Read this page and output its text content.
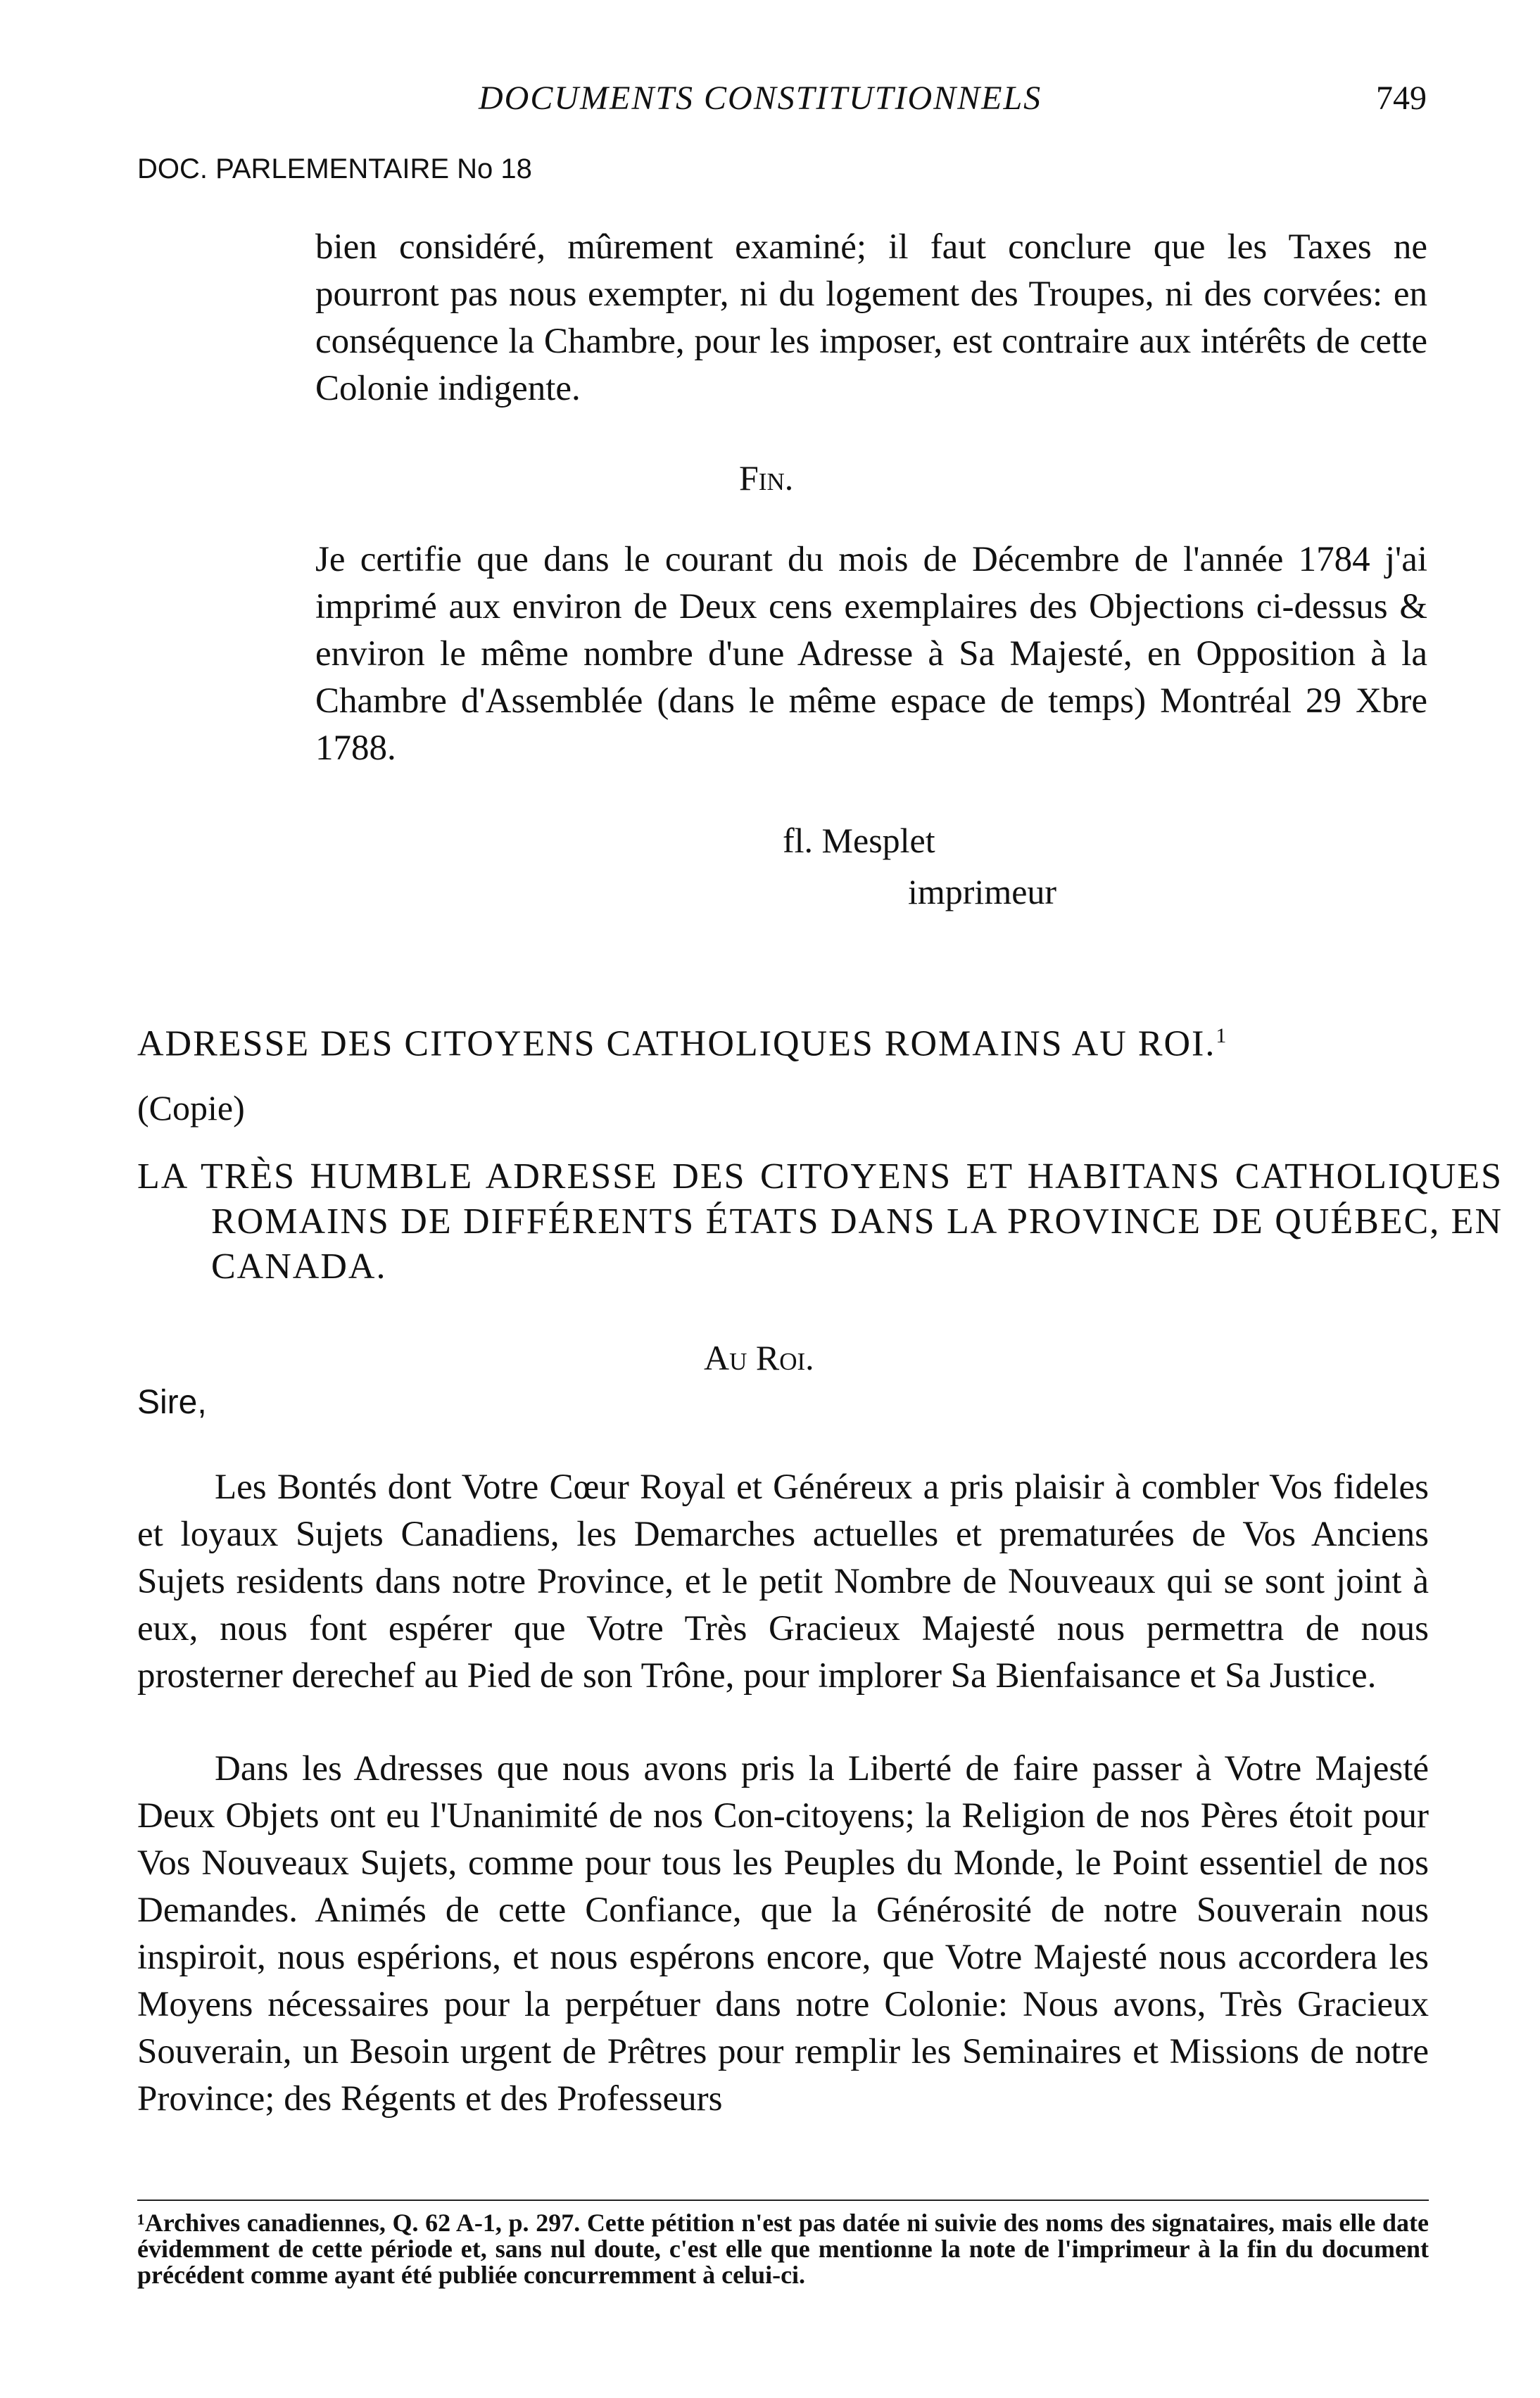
DOCUMENTS CONSTITUTIONNELS	749
DOC. PARLEMENTAIRE No 18

bien considéré, mûrement examiné; il faut conclure que les Taxes ne pourront pas nous exempter, ni du logement des Troupes, ni des corvées: en conséquence la Chambre, pour les imposer, est contraire aux intérêts de cette Colonie indigente.

Fin.

Je certifie que dans le courant du mois de Décembre de l'année 1784 j'ai imprimé aux environ de Deux cens exemplaires des Objections ci-dessus & environ le même nombre d'une Adresse à Sa Majesté, en Opposition à la Chambre d'Assemblée (dans le même espace de temps) Montréal 29 Xbre 1788.

fl. Mesplet
imprimeur
ADRESSE DES CITOYENS CATHOLIQUES ROMAINS AU ROI.$^1$
(Copie)

LA TRÈS HUMBLE ADRESSE DES CITOYENS ET HABITANS CATHOLIQUES ROMAINS DE DIFFÉRENTS ÉTATS DANS LA PROVINCE DE QUÉBEC, EN CANADA.

Au Roi.
Sire,

Les Bontés dont Votre Cœur Royal et Généreux a pris plaisir à combler Vos fideles et loyaux Sujets Canadiens, les Demarches actuelles et prematurées de Vos Anciens Sujets residents dans notre Province, et le petit Nombre de Nouveaux qui se sont joint à eux, nous font espérer que Votre Très Gracieux Majesté nous permettra de nous prosterner derechef au Pied de son Trône, pour implorer Sa Bienfaisance et Sa Justice.

Dans les Adresses que nous avons pris la Liberté de faire passer à Votre Majesté Deux Objets ont eu l'Unanimité de nos Con-citoyens; la Religion de nos Pères étoit pour Vos Nouveaux Sujets, comme pour tous les Peuples du Monde, le Point essentiel de nos Demandes. Animés de cette Confiance, que la Générosité de notre Souverain nous inspiroit, nous espérions, et nous espérons encore, que Votre Majesté nous accordera les Moyens nécessaires pour la perpétuer dans notre Colonie: Nous avons, Très Gracieux Souverain, un Besoin urgent de Prêtres pour remplir les Seminaires et Missions de notre Province; des Régents et des Professeurs

¹Archives canadiennes, Q. 62 A-1, p. 297. Cette pétition n'est pas datée ni suivie des noms des signataires, mais elle date évidemment de cette période et, sans nul doute, c'est elle que mentionne la note de l'imprimeur à la fin du document précédent comme ayant été publiée concurremment à celui-ci.
